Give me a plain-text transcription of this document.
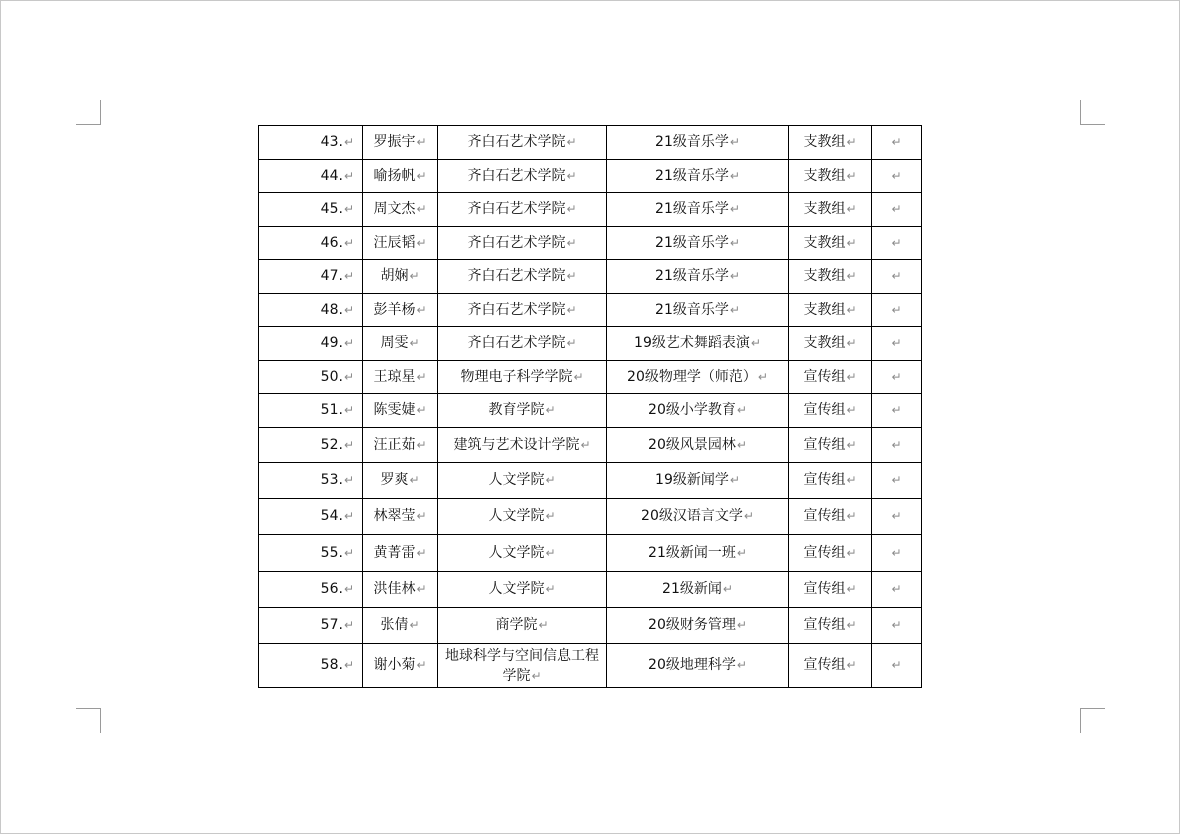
43.↵	罗振宇↵	齐白石艺术学院↵	21级音乐学↵	支教组↵	↵
44.↵	喻扬帆↵	齐白石艺术学院↵	21级音乐学↵	支教组↵	↵
45.↵	周文杰↵	齐白石艺术学院↵	21级音乐学↵	支教组↵	↵
46.↵	汪辰韬↵	齐白石艺术学院↵	21级音乐学↵	支教组↵	↵
47.↵	胡娴↵	齐白石艺术学院↵	21级音乐学↵	支教组↵	↵
48.↵	彭羊杨↵	齐白石艺术学院↵	21级音乐学↵	支教组↵	↵
49.↵	周雯↵	齐白石艺术学院↵	19级艺术舞蹈表演↵	支教组↵	↵
50.↵	王琼星↵	物理电子科学学院↵	20级物理学（师范）↵	宣传组↵	↵
51.↵	陈雯婕↵	教育学院↵	20级小学教育↵	宣传组↵	↵
52.↵	汪正茹↵	建筑与艺术设计学院↵	20级风景园林↵	宣传组↵	↵
53.↵	罗爽↵	人文学院↵	19级新闻学↵	宣传组↵	↵
54.↵	林翠莹↵	人文学院↵	20级汉语言文学↵	宣传组↵	↵
55.↵	黄菁雷↵	人文学院↵	21级新闻一班↵	宣传组↵	↵
56.↵	洪佳林↵	人文学院↵	21级新闻↵	宣传组↵	↵
57.↵	张倩↵	商学院↵	20级财务管理↵	宣传组↵	↵
58.↵	谢小菊↵	地球科学与空间信息工程学院↵	20级地理科学↵	宣传组↵	↵
